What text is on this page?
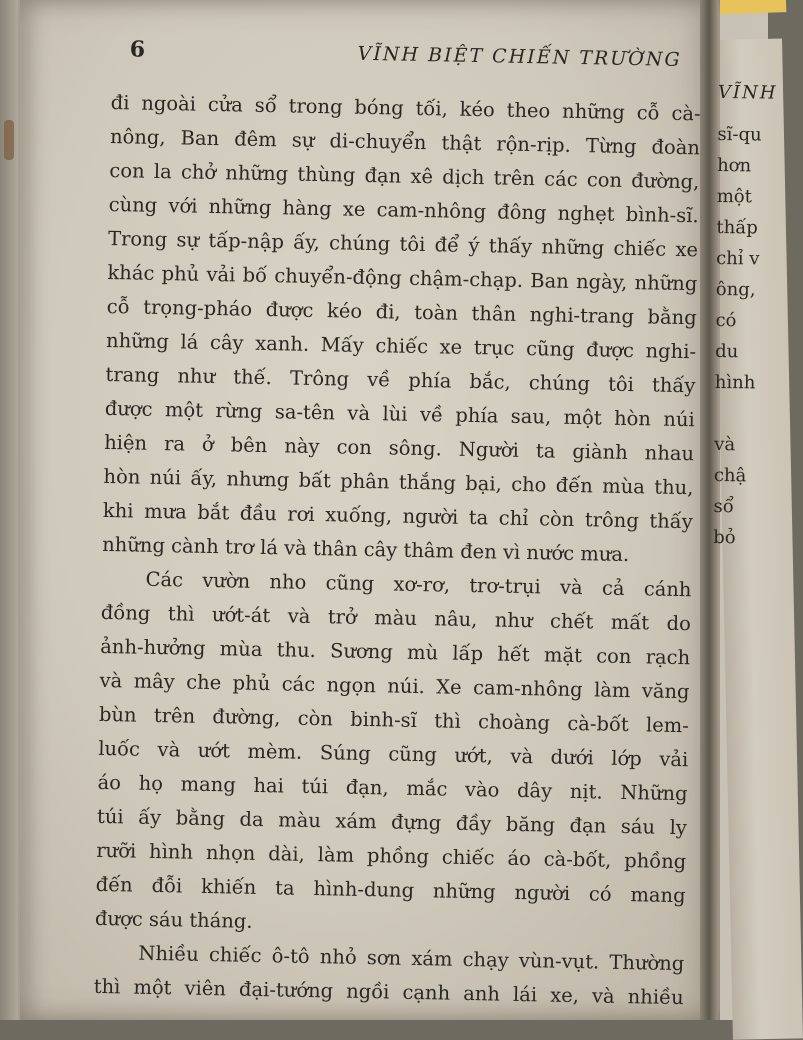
6	VĨNH BIỆT CHIẾN TRƯỜNG
đi ngoài cửa sổ trong bóng tối, kéo theo những cỗ cà-
nông, Ban đêm sự di-chuyển thật rộn-rịp. Từng đoàn
con la chở những thùng đạn xê dịch trên các con đường,
cùng với những hàng xe cam-nhông đông nghẹt bình-sĩ.
Trong sự tấp-nập ấy, chúng tôi để ý thấy những chiếc xe
khác phủ vải bố chuyển-động chậm-chạp. Ban ngày, những
cỗ trọng-pháo được kéo đi, toàn thân nghi-trang bằng
những lá cây xanh. Mấy chiếc xe trục cũng được nghi-
trang như thế. Trông về phía bắc, chúng tôi thấy
được một rừng sa-tên và lùi về phía sau, một hòn núi
hiện ra ở bên này con sông. Người ta giành nhau
hòn núi ấy, nhưng bất phân thắng bại, cho đến mùa thu,
khi mưa bắt đầu rơi xuống, người ta chỉ còn trông thấy
những cành trơ lá và thân cây thâm đen vì nước mưa.
Các vườn nho cũng xơ-rơ, trơ-trụi và cả cánh
đồng thì ướt-át và trở màu nâu, như chết mất do
ảnh-hưởng mùa thu. Sương mù lấp hết mặt con rạch
và mây che phủ các ngọn núi. Xe cam-nhông làm văng
bùn trên đường, còn binh-sĩ thì choàng cà-bốt lem-
luốc và ướt mèm. Súng cũng ướt, và dưới lớp vải
áo họ mang hai túi đạn, mắc vào dây nịt. Những
túi ấy bằng da màu xám đựng đầy băng đạn sáu ly
rưỡi hình nhọn dài, làm phồng chiếc áo cà-bốt, phồng
đến đỗi khiến ta hình-dung những người có mang
được sáu tháng.
Nhiều chiếc ô-tô nhỏ sơn xám chạy vùn-vụt. Thường
thì một viên đại-tướng ngồi cạnh anh lái xe, và nhiều
VĨNH
sĩ-qu
hơn
một
thấp
chỉ v
ông,
có
du
hình

và
chậ
sổ
bỏ
